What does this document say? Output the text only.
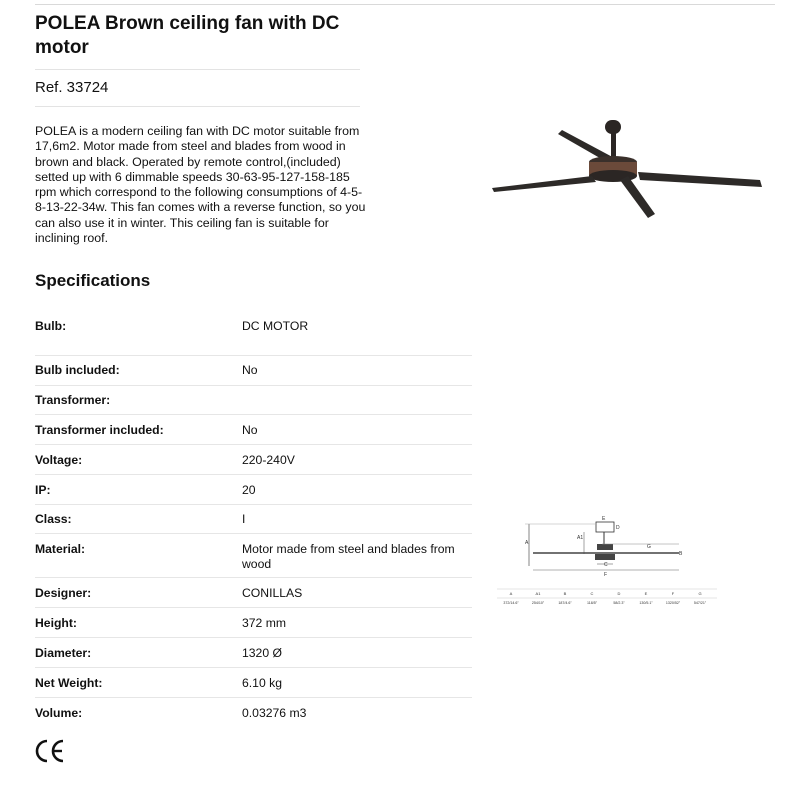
POLEA Brown ceiling fan with DC motor
Ref. 33724

POLEA is a modern ceiling fan with DC motor suitable from 17,6m2. Motor made from steel and blades from wood in brown and black. Operated by remote control,(included) setted up with 6 dimmable speeds 30-63-95-127-158-185 rpm which correspond to the following consumptions of 4-5-8-13-22-34w. This fan comes with a reverse function, so you can also use it in winter. This ceiling fan is suitable for inclining roof.

Specifications
Bulb:	DC MOTOR
Bulb included:	No
Transformer:
Transformer included:	No
Voltage:	220-240V
IP:	20
Class:	I
Material:	Motor made from steel and blades from wood
Designer:	CONILLAS
Height:	372 mm
Diameter:	1320 Ø
Net Weight:	6.10 kg
Volume:	0.03276 m3
A
A1
E
D
G
B
C
F
A	A1	B	C	D	E	F	G
372/14.6"	254/10"	187/4.6"	118/5"	58/2.3"	130/5.1"	1320/52"	547/21"
